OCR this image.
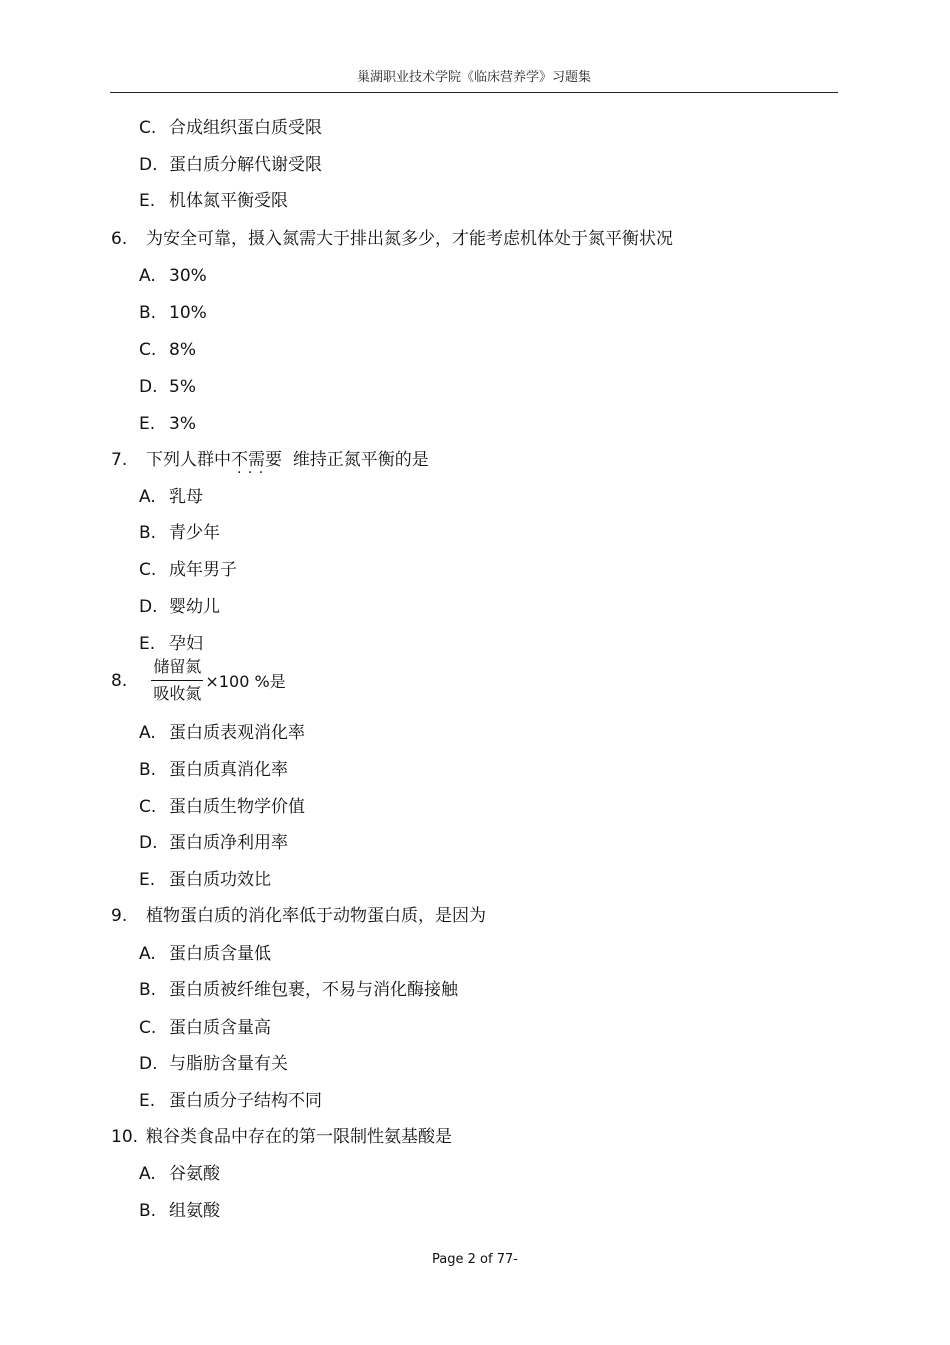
巢湖职业技术学院《临床营养学》习题集
C. 合成组织蛋白质受限
D. 蛋白质分解代谢受限
E. 机体氮平衡受限
6. 为安全可靠，摄入氮需大于排出氮多少，才能考虑机体处于氮平衡状况
A. 30%
B. 10%
C. 8%
D. 5%
E. 3%
7. 下列人群中不需要 · · · 维持正氮平衡的是
A. 乳母
B. 青少年
C. 成年男子
D. 婴幼儿
E. 孕妇
8. $\frac{\text{储留氮}}{\text{吸收氮}} \times 100$ %是
A. 蛋白质表观消化率
B. 蛋白质真消化率
C. 蛋白质生物学价值
D. 蛋白质净利用率
E. 蛋白质功效比
9. 植物蛋白质的消化率低于动物蛋白质，是因为
A. 蛋白质含量低
B. 蛋白质被纤维包裹，不易与消化酶接触
C. 蛋白质含量高
D. 与脂肪含量有关
E. 蛋白质分子结构不同
10. 粮谷类食品中存在的第一限制性氨基酸是
A. 谷氨酸
B. 组氨酸
Page 2 of 77-
